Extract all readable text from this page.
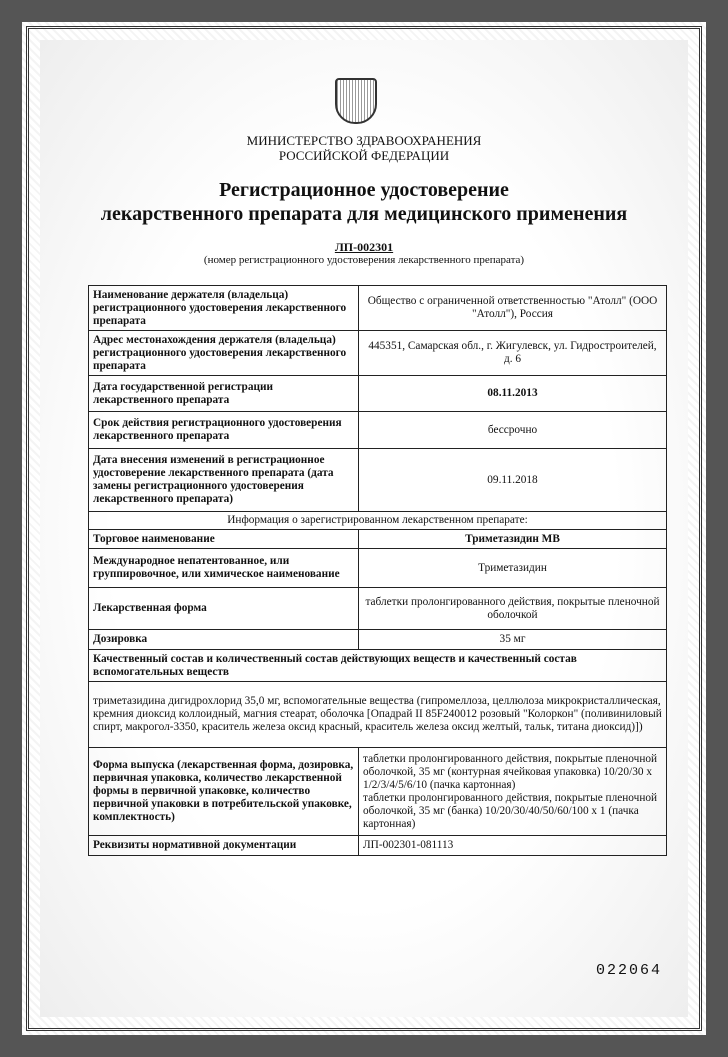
МИНИСТЕРСТВО ЗДРАВООХРАНЕНИЯ
РОССИЙСКОЙ ФЕДЕРАЦИИ
Регистрационное удостоверение
лекарственного препарата для медицинского применения
ЛП-002301
(номер регистрационного удостоверения лекарственного препарата)
Наименование держателя (владельца) регистрационного удостоверения лекарственного препарата	Общество с ограниченной ответственностью "Атолл" (ООО "Атолл"), Россия
Адрес местонахождения держателя (владельца) регистрационного удостоверения лекарственного препарата	445351, Самарская обл., г. Жигулевск, ул. Гидростроителей, д. 6
Дата государственной регистрации лекарственного препарата	08.11.2013
Срок действия регистрационного удостоверения лекарственного препарата	бессрочно
Дата внесения изменений в регистрационное удостоверение лекарственного препарата (дата замены регистрационного удостоверения лекарственного препарата)	09.11.2018
Информация о зарегистрированном лекарственном препарате:	
Торговое наименование	Триметазидин МВ
Международное непатентованное, или группировочное, или химическое наименование	Триметазидин
Лекарственная форма	таблетки пролонгированного действия, покрытые пленочной оболочкой
Дозировка	35 мг
Качественный состав и количественный состав действующих веществ и качественный состав вспомогательных веществ	
триметазидина дигидрохлорид 35,0 мг, вспомогательные вещества (гипромеллоза, целлюлоза микрокристаллическая, кремния диоксид коллоидный, магния стеарат, оболочка [Опадрай II 85F240012 розовый "Колоркон" (поливиниловый спирт, макрогол-3350, краситель железа оксид красный, краситель железа оксид желтый, тальк, титана диоксид)])	
Форма выпуска (лекарственная форма, дозировка, первичная упаковка, количество лекарственной формы в первичной упаковке, количество первичной упаковки в потребительской упаковке, комплектность)	таблетки пролонгированного действия, покрытые пленочной оболочкой, 35 мг (контурная ячейковая упаковка) 10/20/30 х 1/2/3/4/5/6/10 (пачка картонная)
таблетки пролонгированного действия, покрытые пленочной оболочкой, 35 мг (банка) 10/20/30/40/50/60/100 х 1 (пачка картонная)

Реквизиты нормативной документации	ЛП-002301-081113
022064
